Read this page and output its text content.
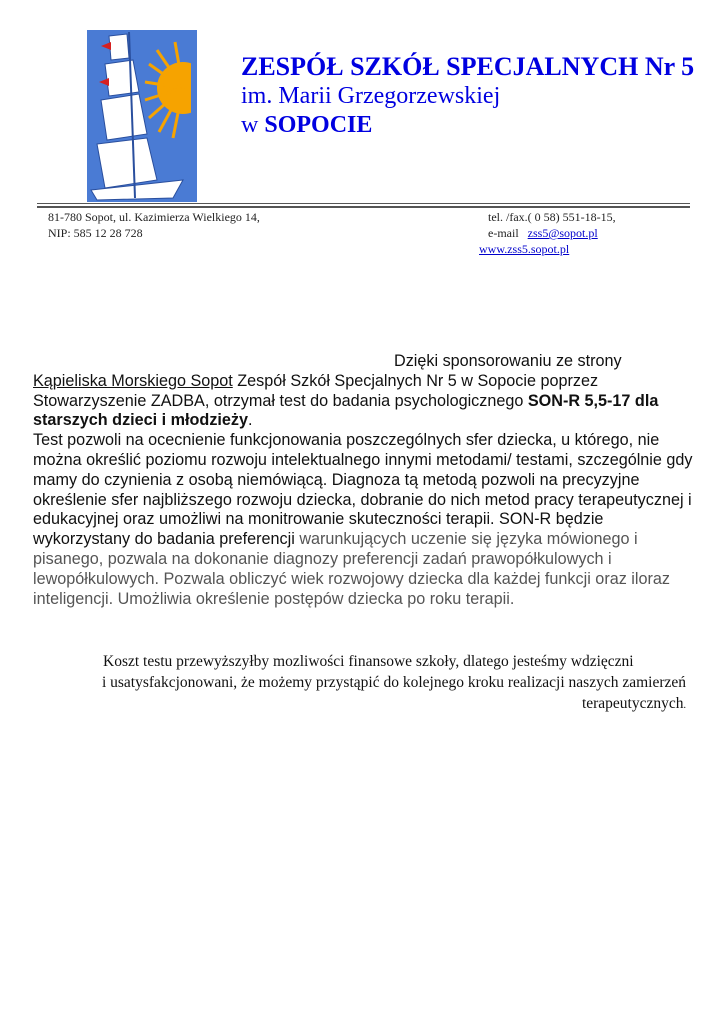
ZESPÓŁ SZKÓŁ SPECJALNYCH Nr 5
im. Marii Grzegorzewskiej
w SOPOCIE
81-780 Sopot, ul. Kazimierza Wielkiego 14,
NIP: 585 12 28 728
tel. /fax.( 0 58) 551-18-15,
e-mail zss5@sopot.pl
www.zss5.sopot.pl

Dzięki sponsorowaniu ze strony

Kąpieliska Morskiego Sopot Zespół Szkół Specjalnych Nr 5 w Sopocie poprzez Stowarzyszenie ZADBA, otrzymał test do badania psychologicznego SON-R 5,5-17 dla starszych dzieci i młodzieży.

Test pozwoli na ocecnienie funkcjonowania poszczególnych sfer dziecka, u którego, nie można określić poziomu rozwoju intelektualnego innymi metodami/ testami, szczególnie gdy mamy do czynienia z osobą niemówiącą. Diagnoza tą metodą pozwoli na precyzyjne określenie sfer najbliższego rozwoju dziecka, dobranie do nich metod pracy terapeutycznej i edukacyjnej oraz umożliwi na monitrowanie skuteczności terapii. SON-R będzie wykorzystany do badania preferencji warunkujących uczenie się języka mówionego i pisanego, pozwala na dokonanie diagnozy preferencji zadań prawopółkulowych i lewopółkulowych. Pozwala obliczyć wiek rozwojowy dziecka dla każdej funkcji oraz iloraz inteligencji. Umożliwia określenie postępów dziecka po roku terapii.

Koszt testu przewyższyłby mozliwości finansowe szkoły, dlatego jesteśmy wdzięczni

i usatysfakcjonowani, że możemy przystąpić do kolejnego kroku realizacji naszych zamierzeń

terapeutycznych.
